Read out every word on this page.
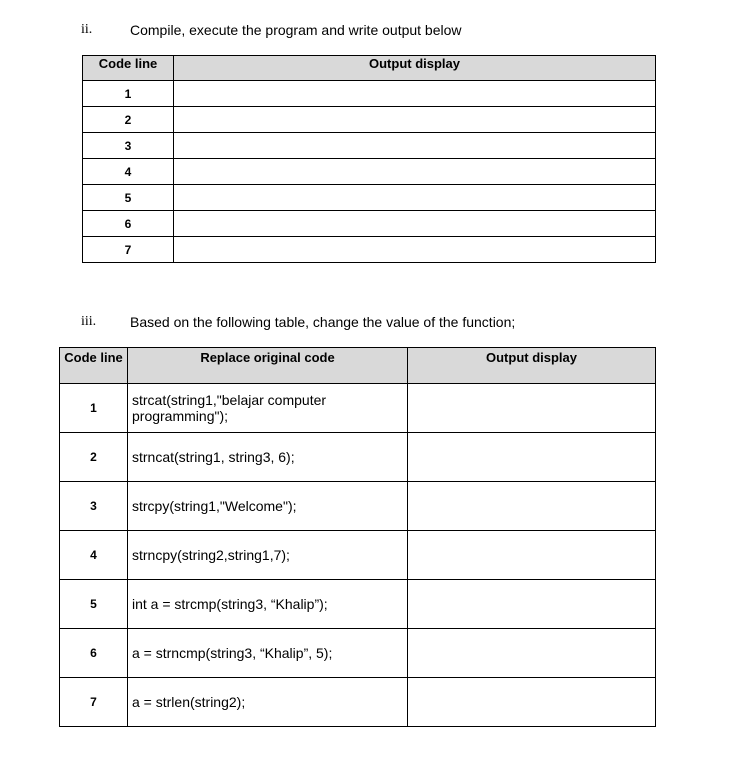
ii.	Compile, execute the program and write output below
Code line	Output display
1	
2	
3	
4	
5	
6	
7	
iii. Based on the following table, change the value of the function;
Code line	Replace original code	Output display
1	strcat(string1,"belajar computer programming");	
2	strncat(string1, string3, 6);	
3	strcpy(string1,"Welcome");	
4	strncpy(string2,string1,7);	
5	int a = strcmp(string3, “Khalip”);	
6	a = strncmp(string3, “Khalip”, 5);	
7	a = strlen(string2);	
